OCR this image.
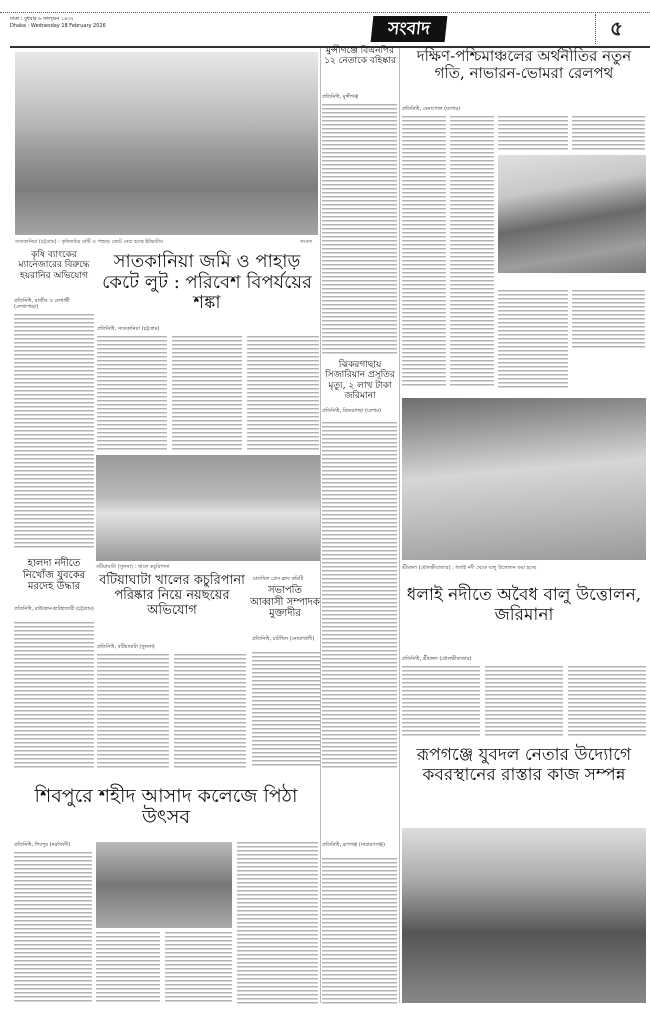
ঢাকা : বুধবার ৬ ফাল্গুন ১৪৩২
Dhaka : Wednesday 18 February 2026	সংবাদ	৫
সাতকানিয়া (চট্টগ্রাম) : কৃষিজমির মাটি ও পাহাড় কেটে নেয়া হচ্ছে ইটভাটায়	সংবাদ
মুন্সীগঞ্জে বিএনপির ১২ নেতাকে বহিষ্কার
প্রতিনিধি, মুন্সীগঞ্জ
ঝিকরগাছায় সিজারিয়ান প্রসূতির মৃত্যু, ২ লাখ টাকা জরিমানা
প্রতিনিধি, ঝিকরগাছা (যশোর)
দক্ষিণ-পশ্চিমাঞ্চলের অর্থনীতির নতুন গতি, নাভারন-ভোমরা রেলপথ
প্রতিনিধি, বেনাপোল (যশোর)
শ্রীমঙ্গল (মৌলভীবাজার) : ধলাই নদী থেকে বালু উত্তোলন করা হচ্ছে
ধলাই নদীতে অবৈধ বালু উত্তোলন, জরিমানা
প্রতিনিধি, শ্রীমঙ্গল (মৌলভীবাজার)
রূপগঞ্জে যুবদল নেতার উদ্যোগে কবরস্থানের রাস্তার কাজ সম্পন্ন
কৃষি ব্যাংকের ম্যানেজারের বিরুদ্ধে হয়রানির অভিযোগ
প্রতিনিধি, রাজীব ও লেখার্থী (লেখাপাড়া)
হালদা নদীতে নিখোঁজ যুবকের মরদেহ উদ্ধার
প্রতিনিধি, রাউজান-হাটহাজারী (চট্টগ্রাম)
সাতকানিয়া জমি ও পাহাড় কেটে লুট : পরিবেশ বিপর্যয়ের শঙ্কা
প্রতিনিধি, সাতকানিয়া (চট্টগ্রাম)
বটিয়াঘাটা (খুলনা) : খালে কচুরিপানা
বটিয়াঘাটা খালের কচুরিপানা পরিষ্কার নিয়ে নয়ছয়ের অভিযোগ
প্রতিনিধি, বটিয়াঘাটা (খুলনা)
চাতখিল প্রেস ক্লাব কমিটি
সভাপতি আব্বাসী সম্পাদক মুক্তাদীর
প্রতিনিধি, চাটখিল (নোয়াখালী)
শিবপুরে শহীদ আসাদ কলেজে পিঠা উৎসব
প্রতিনিধি, শিবপুর (নরসিংদী)	প্রতিনিধি, রূপগঞ্জ (নারায়ণগঞ্জ)
